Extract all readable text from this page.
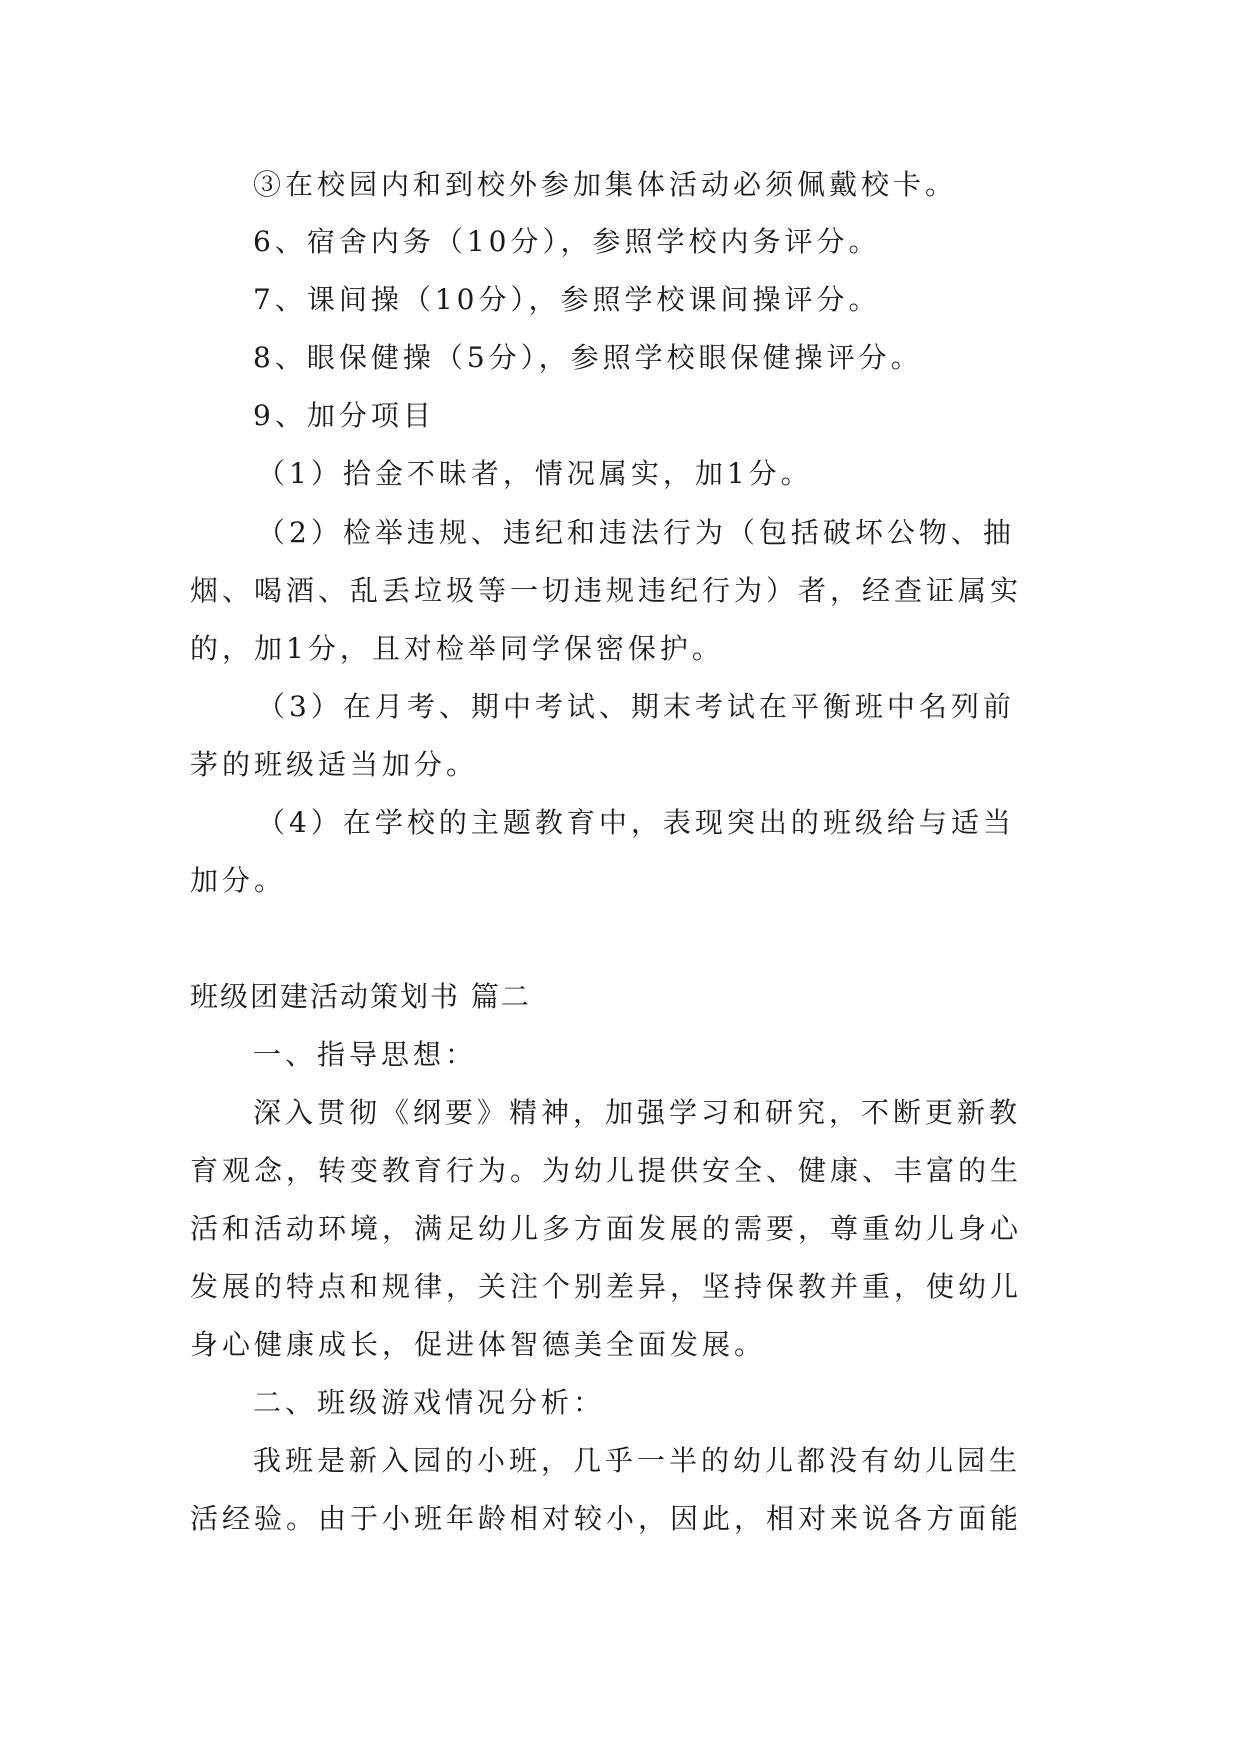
③在校园内和到校外参加集体活动必须佩戴校卡。
6、宿舍内务（10分），参照学校内务评分。
7、课间操（10分），参照学校课间操评分。
8、眼保健操（5分），参照学校眼保健操评分。
9、加分项目
（1）拾金不昧者，情况属实，加1分。
（2）检举违规、违纪和违法行为（包括破坏公物、抽
烟、喝酒、乱丢垃圾等一切违规违纪行为）者，经查证属实
的，加1分，且对检举同学保密保护。
（3）在月考、期中考试、期末考试在平衡班中名列前
茅的班级适当加分。
（4）在学校的主题教育中，表现突出的班级给与适当
加分。
班级团建活动策划书 篇二
一、指导思想：
深入贯彻《纲要》精神，加强学习和研究，不断更新教
育观念，转变教育行为。为幼儿提供安全、健康、丰富的生
活和活动环境，满足幼儿多方面发展的需要，尊重幼儿身心
发展的特点和规律，关注个别差异，坚持保教并重，使幼儿
身心健康成长，促进体智德美全面发展。
二、班级游戏情况分析：
我班是新入园的小班，几乎一半的幼儿都没有幼儿园生
活经验。由于小班年龄相对较小，因此，相对来说各方面能
